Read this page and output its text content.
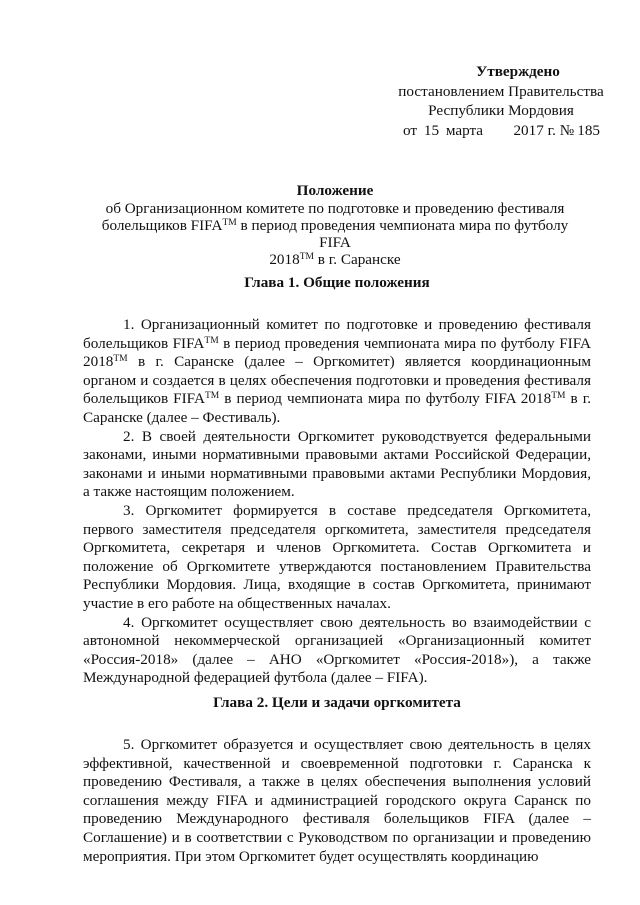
Утверждено
постановлением Правительства
Республики Мордовия
от 15 марта 2017 г. № 185
Положение
об Организационном комитете по подготовке и проведению фестиваля
болельщиков FIFA™ в период проведения чемпионата мира по футболу FIFA
2018™ в г. Саранске
Глава 1. Общие положения

1. Организационный комитет по подготовке и проведению фестиваля болельщиков FIFA™ в период проведения чемпионата мира по футболу FIFA 2018™ в г. Саранске (далее – Оргкомитет) является координационным органом и создается в целях обеспечения подготовки и проведения фестиваля болельщиков FIFA™ в период чемпионата мира по футболу FIFA 2018™ в г. Саранске (далее – Фестиваль).

2. В своей деятельности Оргкомитет руководствуется федеральными законами, иными нормативными правовыми актами Российской Федерации, законами и иными нормативными правовыми актами Республики Мордовия, а также настоящим положением.

3. Оргкомитет формируется в составе председателя Оргкомитета, первого заместителя председателя оргкомитета, заместителя председателя Оргкомитета, секретаря и членов Оргкомитета. Состав Оргкомитета и положение об Оргкомитете утверждаются постановлением Правительства Республики Мордовия. Лица, входящие в состав Оргкомитета, принимают участие в его работе на общественных началах.

4. Оргкомитет осуществляет свою деятельность во взаимодействии с автономной некоммерческой организацией «Организационный комитет «Россия-2018» (далее – АНО «Оргкомитет «Россия-2018»), а также Международной федерацией футбола (далее – FIFA).

Глава 2. Цели и задачи оргкомитета

5. Оргкомитет образуется и осуществляет свою деятельность в целях эффективной, качественной и своевременной подготовки г. Саранска к проведению Фестиваля, а также в целях обеспечения выполнения условий соглашения между FIFA и администрацией городского округа Саранск по проведению Международного фестиваля болельщиков FIFA (далее – Соглашение) и в соответствии с Руководством по организации и проведению мероприятия. При этом Оргкомитет будет осуществлять координацию
